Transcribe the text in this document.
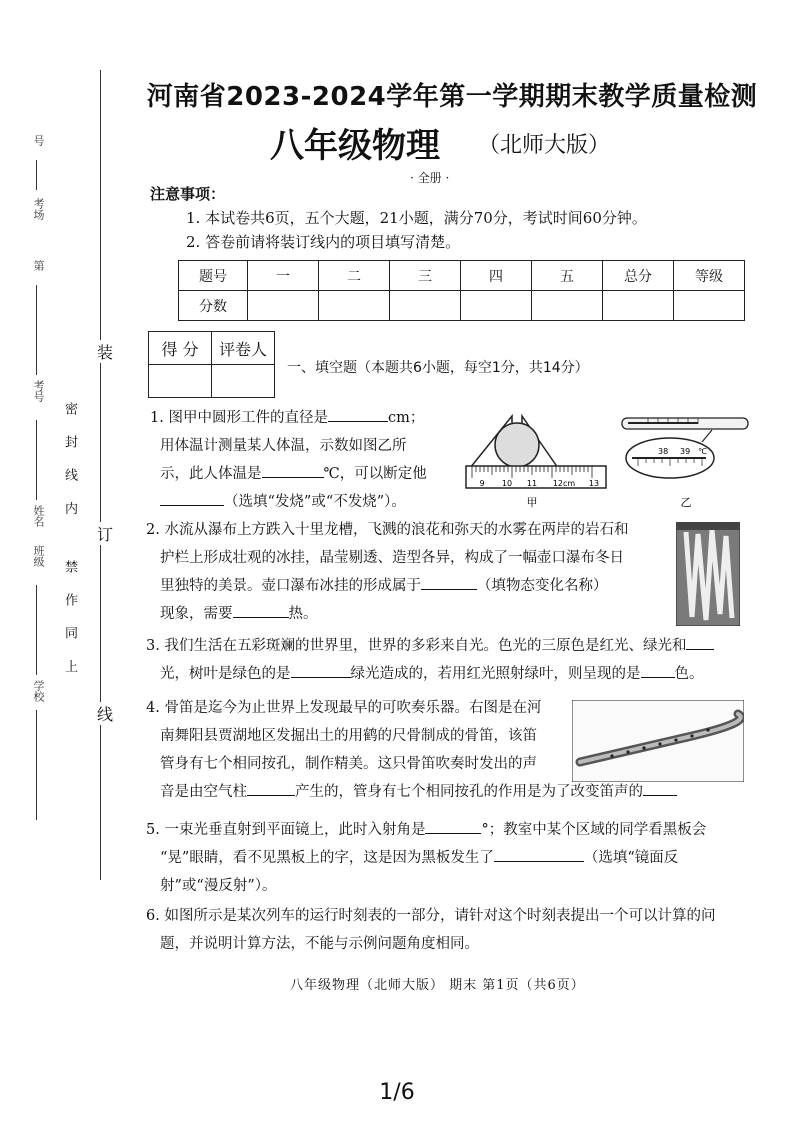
装
订
线
密 封 线 内
禁 作 同 上
号
考场
第
考号
姓名
班级
学校
河南省2023-2024学年第一学期期末教学质量检测
八年级物理 （北师大版）
· 全册 ·
注意事项：
1. 本试卷共6页，五个大题，21小题，满分70分，考试时间60分钟。
2. 答卷前请将装订线内的项目填写清楚。
题号	一	二	三	四	五	总分	等级
分数							
得 分	评卷人

一、填空题（本题共6小题，每空1分，共14分）
1. 图甲中圆形工件的直径是	cm；
用体温计测量某人体温，示数如图乙所
示，此人体温是	℃，可以断定他
（选填“发烧”或“不发烧”）。
9 10 11 12cm 13
甲
38 39 ℃
乙
2. 水流从瀑布上方跌入十里龙槽，飞溅的浪花和弥天的水雾在两岸的岩石和
护栏上形成壮观的冰挂，晶莹剔透、造型各异，构成了一幅壶口瀑布冬日
里独特的美景。壶口瀑布冰挂的形成属于	（填物态变化名称）
现象，需要	热。
3. 我们生活在五彩斑斓的世界里，世界的多彩来自光。色光的三原色是红光、绿光和
光，树叶是绿色的是	绿光造成的，若用红光照射绿叶，则呈现的是 色。
4. 骨笛是迄今为止世界上发现最早的可吹奏乐器。右图是在河
南舞阳县贾湖地区发掘出土的用鹤的尺骨制成的骨笛，该笛
管身有七个相同按孔，制作精美。这只骨笛吹奏时发出的声
音是由空气柱	产生的，管身有七个相同按孔的作用是为了改变笛声的
5. 一束光垂直射到平面镜上，此时入射角是	°；教室中某个区域的同学看黑板会
“晃”眼睛，看不见黑板上的字，这是因为黑板发生了	（选填“镜面反
射”或“漫反射”）。
6. 如图所示是某次列车的运行时刻表的一部分，请针对这个时刻表提出一个可以计算的问
题，并说明计算方法，不能与示例问题角度相同。
八年级物理（北师大版） 期末 第1页（共6页）
1/6
